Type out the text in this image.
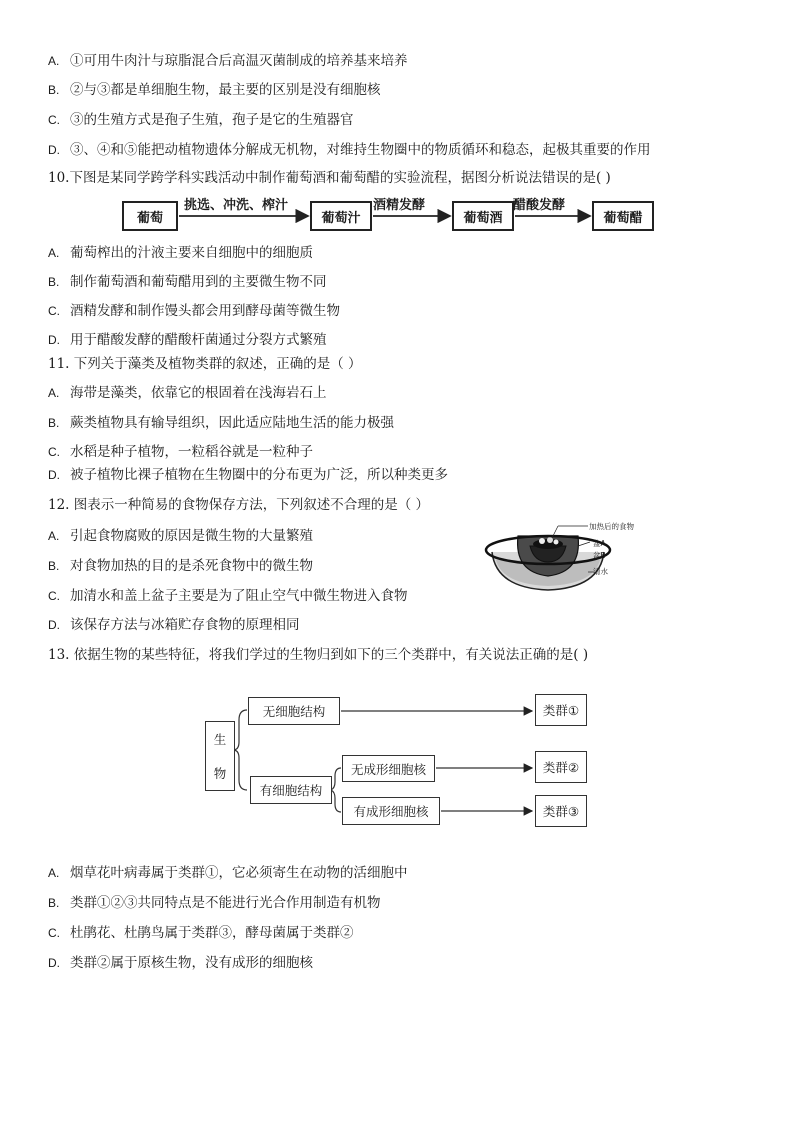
A. ①可用牛肉汁与琼脂混合后高温灭菌制成的培养基来培养
B. ②与③都是单细胞生物，最主要的区别是没有细胞核
C. ③的生殖方式是孢子生殖，孢子是它的生殖器官
D. ③、④和⑤能把动植物遗体分解成无机物，对维持生物圈中的物质循环和稳态，起极其重要的作用
10.下图是某同学跨学科实践活动中制作葡萄酒和葡萄醋的实验流程，据图分析说法错误的是( )
葡萄	葡萄汁	葡萄酒	葡萄醋
挑选、冲洗、榨汁	酒精发酵	醋酸发酵
A. 葡萄榨出的汁液主要来自细胞中的细胞质
B. 制作葡萄酒和葡萄醋用到的主要微生物不同
C. 酒精发酵和制作馒头都会用到酵母菌等微生物
D. 用于醋酸发酵的醋酸杆菌通过分裂方式繁殖
11. 下列关于藻类及植物类群的叙述，正确的是（ ）
A. 海带是藻类，依靠它的根固着在浅海岩石上
B. 蕨类植物具有输导组织，因此适应陆地生活的能力极强
C. 水稻是种子植物，一粒稻谷就是一粒种子
D. 被子植物比裸子植物在生物圈中的分布更为广泛，所以种类更多
12. 图表示一种简易的食物保存方法，下列叙述不合理的是（ ）
A. 引起食物腐败的原因是微生物的大量繁殖
B. 对食物加热的目的是杀死食物中的微生物
C. 加清水和盖上盆子主要是为了阻止空气中微生物进入食物
D. 该保存方法与冰箱贮存食物的原理相同
加热后的食物
盆A
盆B
清水
13. 依据生物的某些特征，将我们学过的生物归到如下的三个类群中，有关说法正确的是( )
生
物
无细胞结构
有细胞结构
无成形细胞核
有成形细胞核
类群①
类群②
类群③
A. 烟草花叶病毒属于类群①，它必须寄生在动物的活细胞中
B. 类群①②③共同特点是不能进行光合作用制造有机物
C. 杜鹃花、杜鹃鸟属于类群③，酵母菌属于类群②
D. 类群②属于原核生物，没有成形的细胞核
